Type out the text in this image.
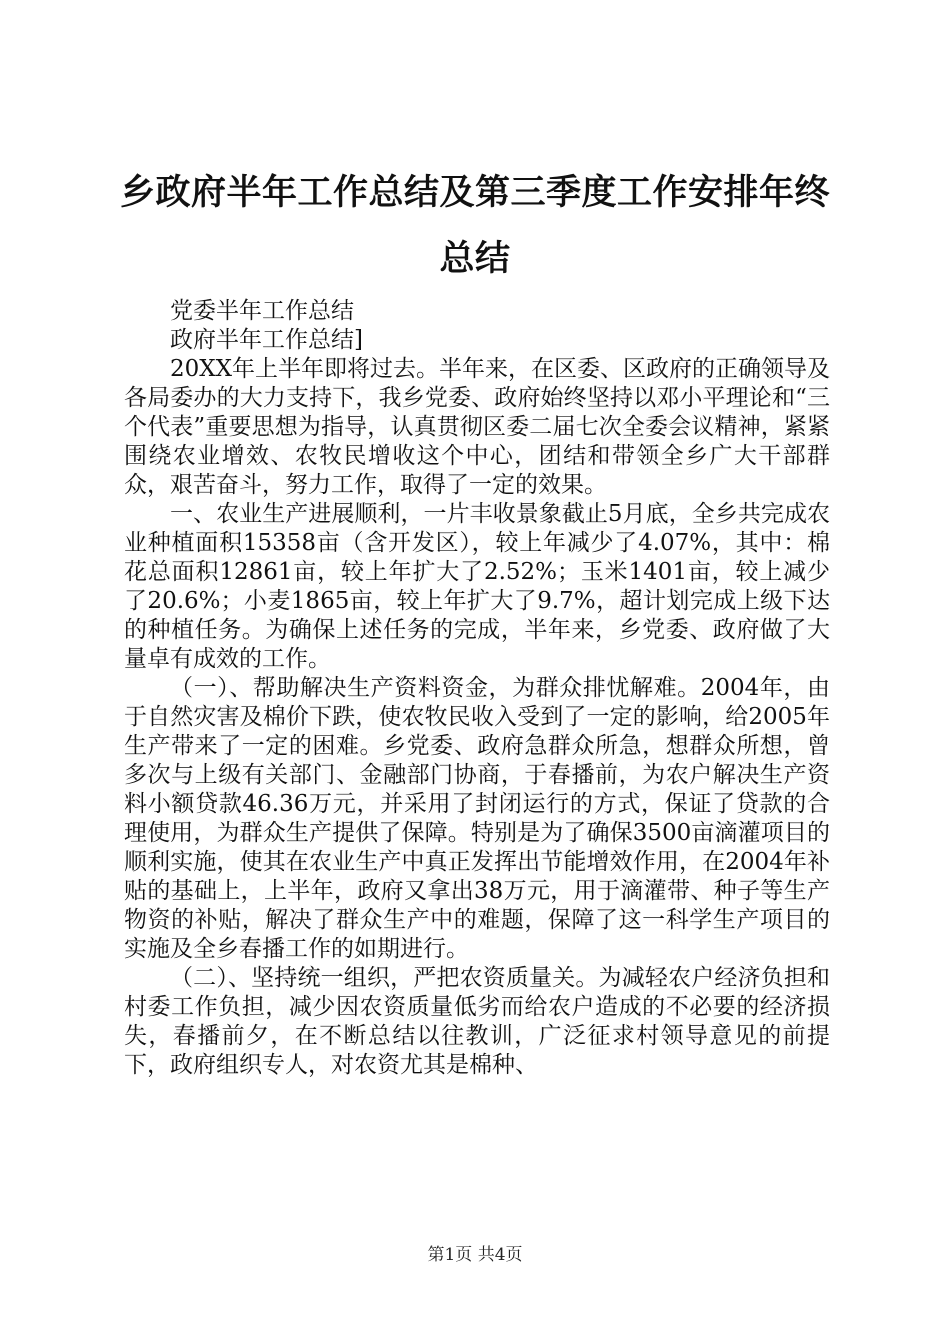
乡政府半年工作总结及第三季度工作安排年终
总结

党委半年工作总结

政府半年工作总结]

20XX年上半年即将过去。半年来，在区委、区政府的正确领导及各局委办的大力支持下，我乡党委、政府始终坚持以邓小平理论和“三个代表”重要思想为指导，认真贯彻区委二届七次全委会议精神，紧紧围绕农业增效、农牧民增收这个中心，团结和带领全乡广大干部群众，艰苦奋斗，努力工作，取得了一定的效果。

一、农业生产进展顺利，一片丰收景象截止5月底，全乡共完成农业种植面积15358亩（含开发区），较上年减少了4.07%，其中：棉花总面积12861亩，较上年扩大了2.52%；玉米1401亩，较上减少了20.6%；小麦1865亩，较上年扩大了9.7%，超计划完成上级下达的种植任务。为确保上述任务的完成，半年来，乡党委、政府做了大量卓有成效的工作。

（一）、帮助解决生产资料资金，为群众排忧解难。2004年，由于自然灾害及棉价下跌，使农牧民收入受到了一定的影响，给2005年生产带来了一定的困难。乡党委、政府急群众所急，想群众所想，曾多次与上级有关部门、金融部门协商，于春播前，为农户解决生产资料小额贷款46.36万元，并采用了封闭运行的方式，保证了贷款的合理使用，为群众生产提供了保障。特别是为了确保3500亩滴灌项目的顺利实施，使其在农业生产中真正发挥出节能增效作用，在2004年补贴的基础上，上半年，政府又拿出38万元，用于滴灌带、种子等生产物资的补贴，解决了群众生产中的难题，保障了这一科学生产项目的实施及全乡春播工作的如期进行。

（二）、坚持统一组织，严把农资质量关。为减轻农户经济负担和村委工作负担，减少因农资质量低劣而给农户造成的不必要的经济损失，春播前夕，在不断总结以往教训，广泛征求村领导意见的前提下，政府组织专人，对农资尤其是棉种、

第1页 共4页
